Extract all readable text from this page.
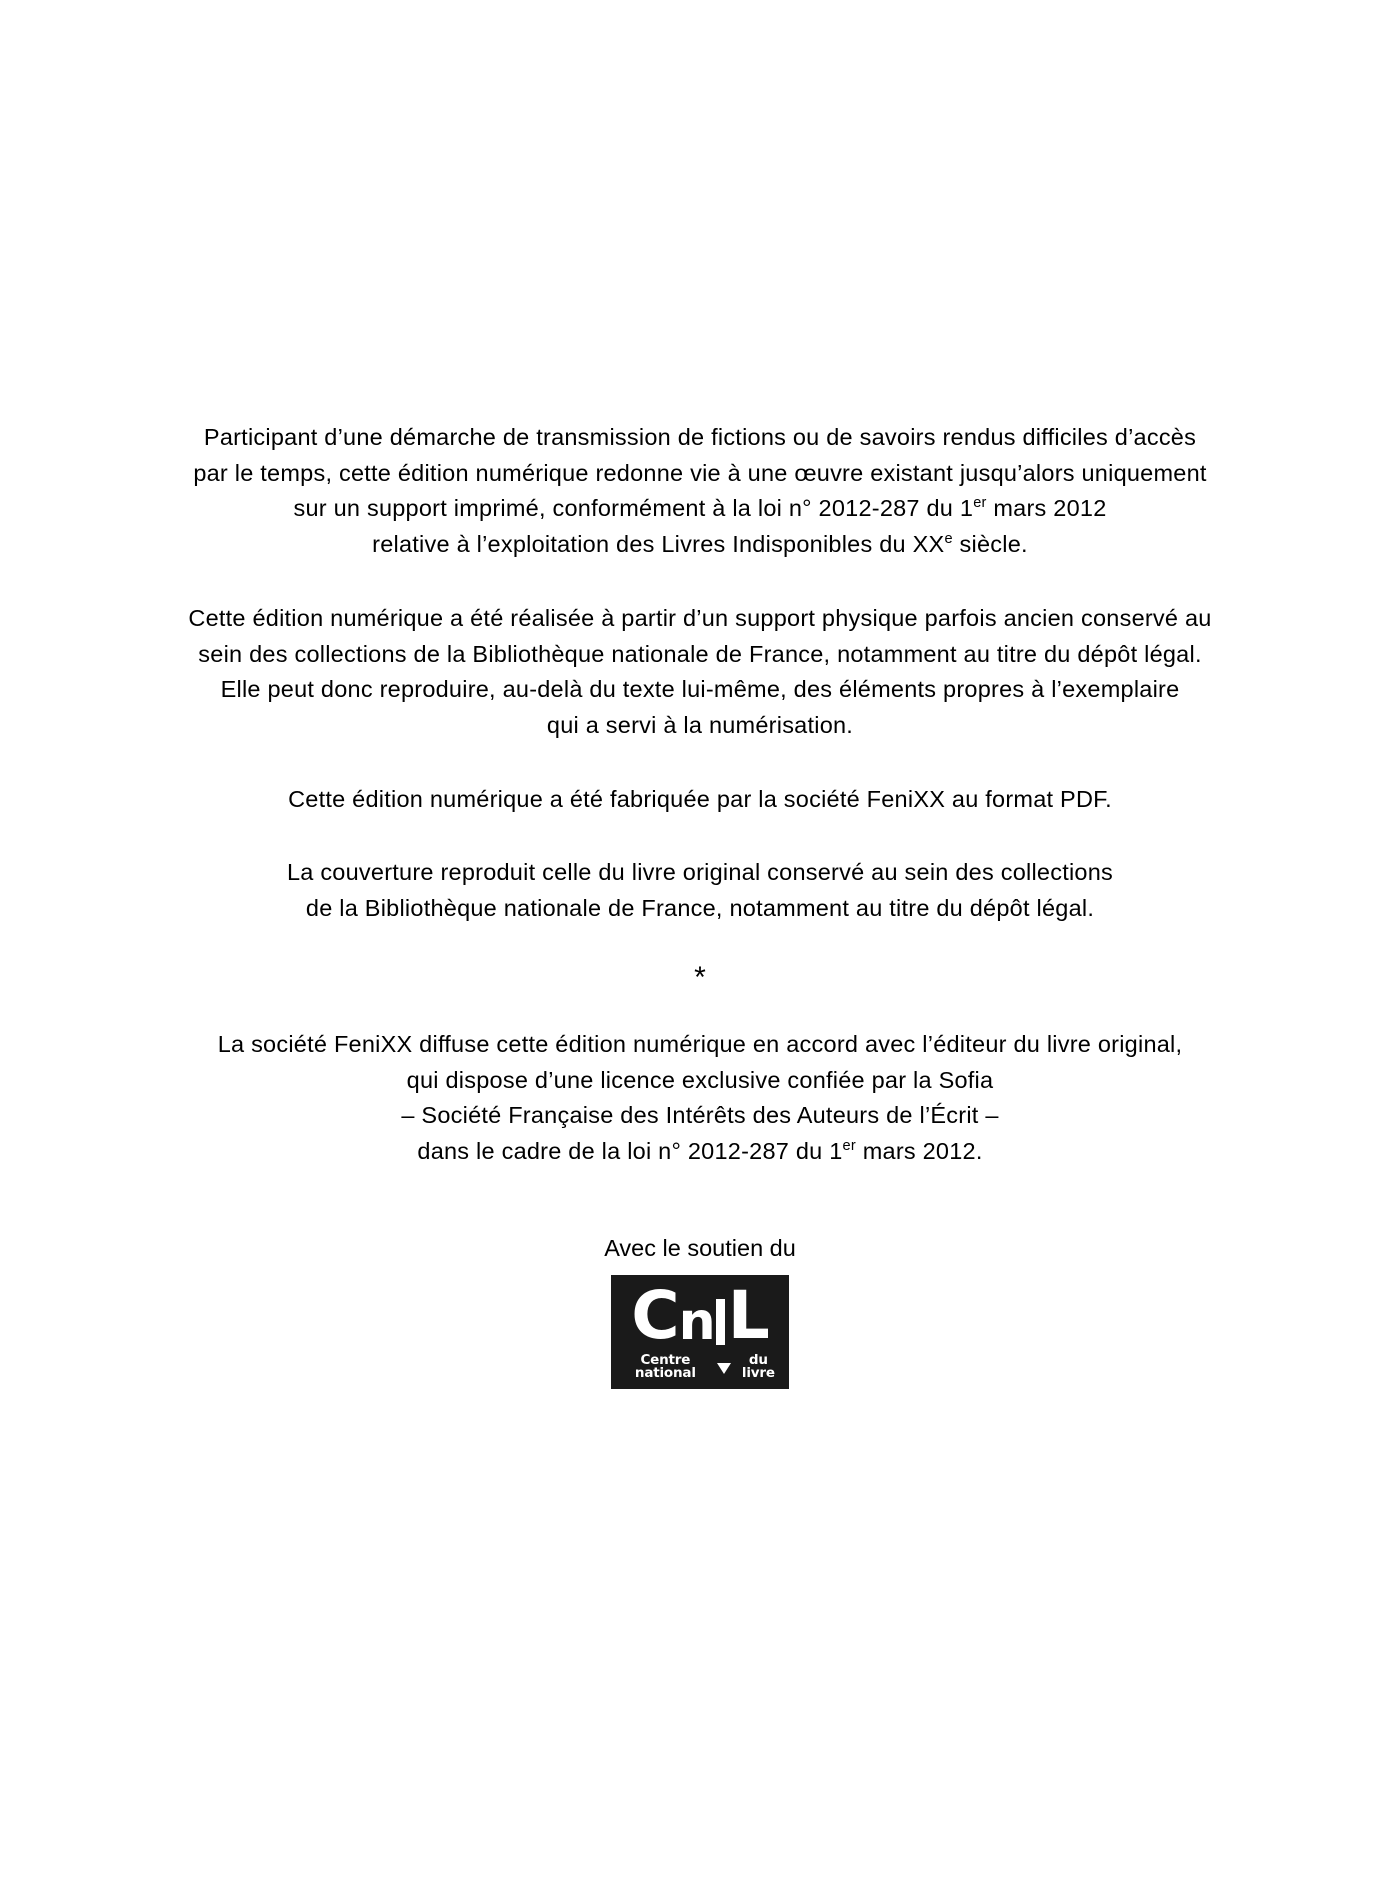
Participant d’une démarche de transmission de fictions ou de savoirs rendus difficiles d’accès
par le temps, cette édition numérique redonne vie à une œuvre existant jusqu’alors uniquement
sur un support imprimé, conformément à la loi n° 2012-287 du 1er mars 2012
relative à l’exploitation des Livres Indisponibles du XXe siècle.

Cette édition numérique a été réalisée à partir d’un support physique parfois ancien conservé au
sein des collections de la Bibliothèque nationale de France, notamment au titre du dépôt légal.
Elle peut donc reproduire, au-delà du texte lui-même, des éléments propres à l’exemplaire
qui a servi à la numérisation.

Cette édition numérique a été fabriquée par la société FeniXX au format PDF.

La couverture reproduit celle du livre original conservé au sein des collections
de la Bibliothèque nationale de France, notamment au titre du dépôt légal.

*

La société FeniXX diffuse cette édition numérique en accord avec l’éditeur du livre original,
qui dispose d’une licence exclusive confiée par la Sofia
– Société Française des Intérêts des Auteurs de l’Écrit –
dans le cadre de la loi n° 2012-287 du 1er mars 2012.

Avec le soutien du
C n L
Centre national
du livre
